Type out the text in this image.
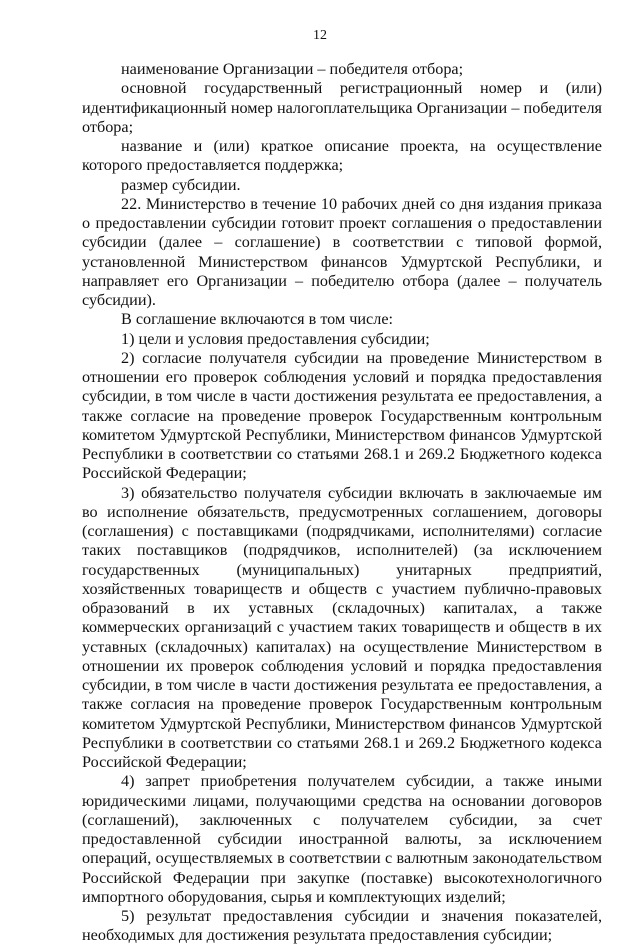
12

наименование Организации – победителя отбора;

основной государственный регистрационный номер и (или) идентификационный номер налогоплательщика Организации – победителя отбора;

название и (или) краткое описание проекта, на осуществление которого предоставляется поддержка;

размер субсидии.

22. Министерство в течение 10 рабочих дней со дня издания приказа о предоставлении субсидии готовит проект соглашения о предоставлении субсидии (далее – соглашение) в соответствии с типовой формой, установленной Министерством финансов Удмуртской Республики, и направляет его Организации – победителю отбора (далее – получатель субсидии).

В соглашение включаются в том числе:

1) цели и условия предоставления субсидии;

2) согласие получателя субсидии на проведение Министерством в отношении его проверок соблюдения условий и порядка предоставления субсидии, в том числе в части достижения результата ее предоставления, а также согласие на проведение проверок Государственным контрольным комитетом Удмуртской Республики, Министерством финансов Удмуртской Республики в соответствии со статьями 268.1 и 269.2 Бюджетного кодекса Российской Федерации;

3) обязательство получателя субсидии включать в заключаемые им во исполнение обязательств, предусмотренных соглашением, договоры (соглашения) с поставщиками (подрядчиками, исполнителями) согласие таких поставщиков (подрядчиков, исполнителей) (за исключением государственных (муниципальных) унитарных предприятий, хозяйственных товариществ и обществ с участием публично-правовых образований в их уставных (складочных) капиталах, а также коммерческих организаций с участием таких товариществ и обществ в их уставных (складочных) капиталах) на осуществление Министерством в отношении их проверок соблюдения условий и порядка предоставления субсидии, в том числе в части достижения результата ее предоставления, а также согласия на проведение проверок Государственным контрольным комитетом Удмуртской Республики, Министерством финансов Удмуртской Республики в соответствии со статьями 268.1 и 269.2 Бюджетного кодекса Российской Федерации;

4) запрет приобретения получателем субсидии, а также иными юридическими лицами, получающими средства на основании договоров (соглашений), заключенных с получателем субсидии, за счет предоставленной субсидии иностранной валюты, за исключением операций, осуществляемых в соответствии с валютным законодательством Российской Федерации при закупке (поставке) высокотехнологичного импортного оборудования, сырья и комплектующих изделий;

5) результат предоставления субсидии и значения показателей, необходимых для достижения результата предоставления субсидии;
